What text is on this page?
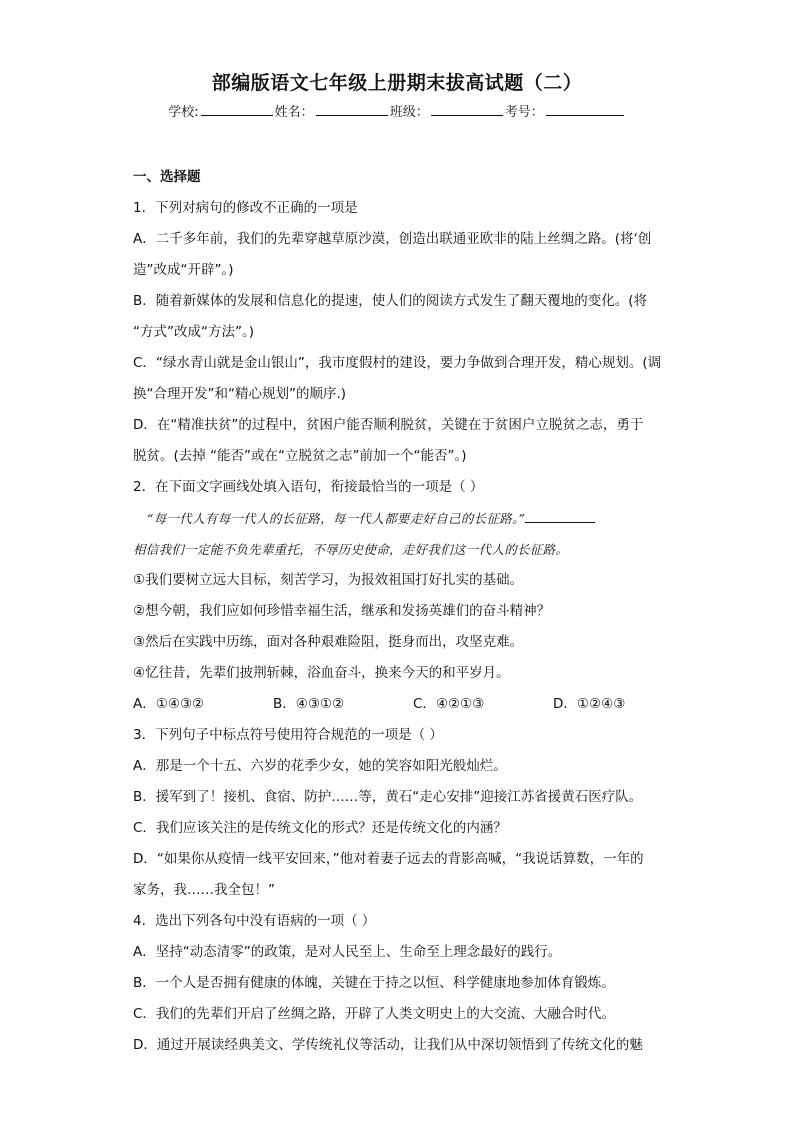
部编版语文七年级上册期末拔高试题（二）
学校:	姓名：	班级：	考号：
一、选择题
1．下列对病句的修改不正确的一项是
A．二千多年前，我们的先辈穿越草原沙漠，创造出联通亚欧非的陆上丝绸之路。(将‘创
造”改成“开辟”。)
B．随着新媒体的发展和信息化的提速，使人们的阅读方式发生了翻天覆地的变化。(将
“方式”改成“方法”。)
C．“绿水青山就是金山银山”，我市度假村的建设，要力争做到合理开发，精心规划。(调
换“合理开发”和“精心规划”的顺序.)
D．在“精准扶贫”的过程中，贫困户能否顺利脱贫，关键在于贫困户立脱贫之志，勇于
脱贫。(去掉 “能否”或在“立脱贫之志”前加一个“能否”。)
2．在下面文字画线处填入语句，衔接最恰当的一项是（ ）
“每一代人有每一代人的长征路，每一代人都要走好自己的长征路。”
相信我们一定能不负先辈重托，不辱历史使命，走好我们这一代人的长征路。
①我们要树立远大目标，刻苦学习，为报效祖国打好扎实的基础。
②想今朝，我们应如何珍惜幸福生活，继承和发扬英雄们的奋斗精神？
③然后在实践中历练，面对各种艰难险阻，挺身而出，攻坚克难。
④忆往昔，先辈们披荆斩棘，浴血奋斗，换来今天的和平岁月。
A．①④③②	B．④③①②	C．④②①③	D．①②④③
3．下列句子中标点符号使用符合规范的一项是（ ）
A．那是一个十五、六岁的花季少女，她的笑容如阳光般灿烂。
B．援军到了！接机、食宿、防护……等，黄石“走心安排”迎接江苏省援黄石医疗队。
C．我们应该关注的是传统文化的形式？还是传统文化的内涵？
D．“如果你从疫情一线平安回来，”他对着妻子远去的背影高喊，“我说话算数，一年的
家务，我……我全包！”
4．选出下列各句中没有语病的一项（ ）
A．坚持“动态清零”的政策，是对人民至上、生命至上理念最好的践行。
B．一个人是否拥有健康的体魄，关键在于持之以恒、科学健康地参加体育锻炼。
C．我们的先辈们开启了丝绸之路，开辟了人类文明史上的大交流、大融合时代。
D．通过开展读经典美文、学传统礼仪等活动，让我们从中深切领悟到了传统文化的魅
